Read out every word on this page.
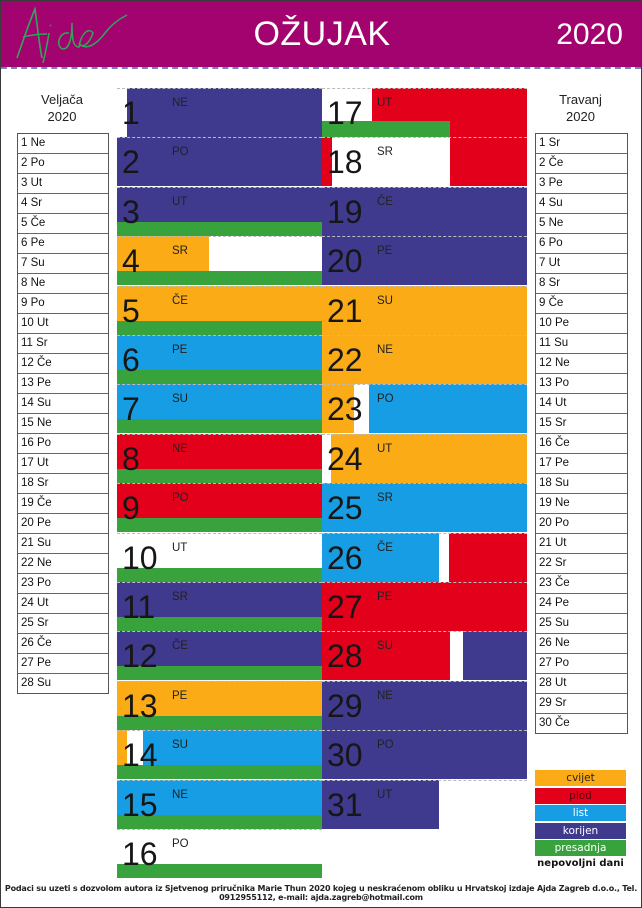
OŽUJAK	2020
Veljača
2020
1 Ne
2 Po
3 Ut
4 Sr
5 Če
6 Pe
7 Su
8 Ne
9 Po
10 Ut
11 Sr
12 Če
13 Pe
14 Su
15 Ne
16 Po
17 Ut
18 Sr
19 Če
20 Pe
21 Su
22 Ne
23 Po
24 Ut
25 Sr
26 Če
27 Pe
28 Su
Travanj
2020
1 Sr
2 Če
3 Pe
4 Su
5 Ne
6 Po
7 Ut
8 Sr
9 Če
10 Pe
11 Su
12 Ne
13 Po
14 Ut
15 Sr
16 Če
17 Pe
18 Su
19 Ne
20 Po
21 Ut
22 Sr
23 Če
24 Pe
25 Su
26 Ne
27 Po
28 Ut
29 Sr
30 Če
1	NE
2	PO
3	UT
4	SR
5	ČE
6	PE
7	SU
8	NE
9	PO
10 UT
11 SR
12 ČE
13 PE
14 SU
15 NE
16 PO
17 UT
18 SR
19 ČE
20 PE
21 SU
22 NE
23 PO
24 UT
25 SR
26 ČE
27 PE
28 SU
29 NE
30 PO
31 UT
cvijet
plod
list
korijen
presadnja
nepovoljni dani
Podaci su uzeti s dozvolom autora iz Sjetvenog priručnika Marie Thun 2020 kojeg u neskraćenom obliku u Hrvatskoj izdaje Ajda Zagreb d.o.o., Tel. 0912955112, e-mail: ajda.zagreb@hotmail.com
